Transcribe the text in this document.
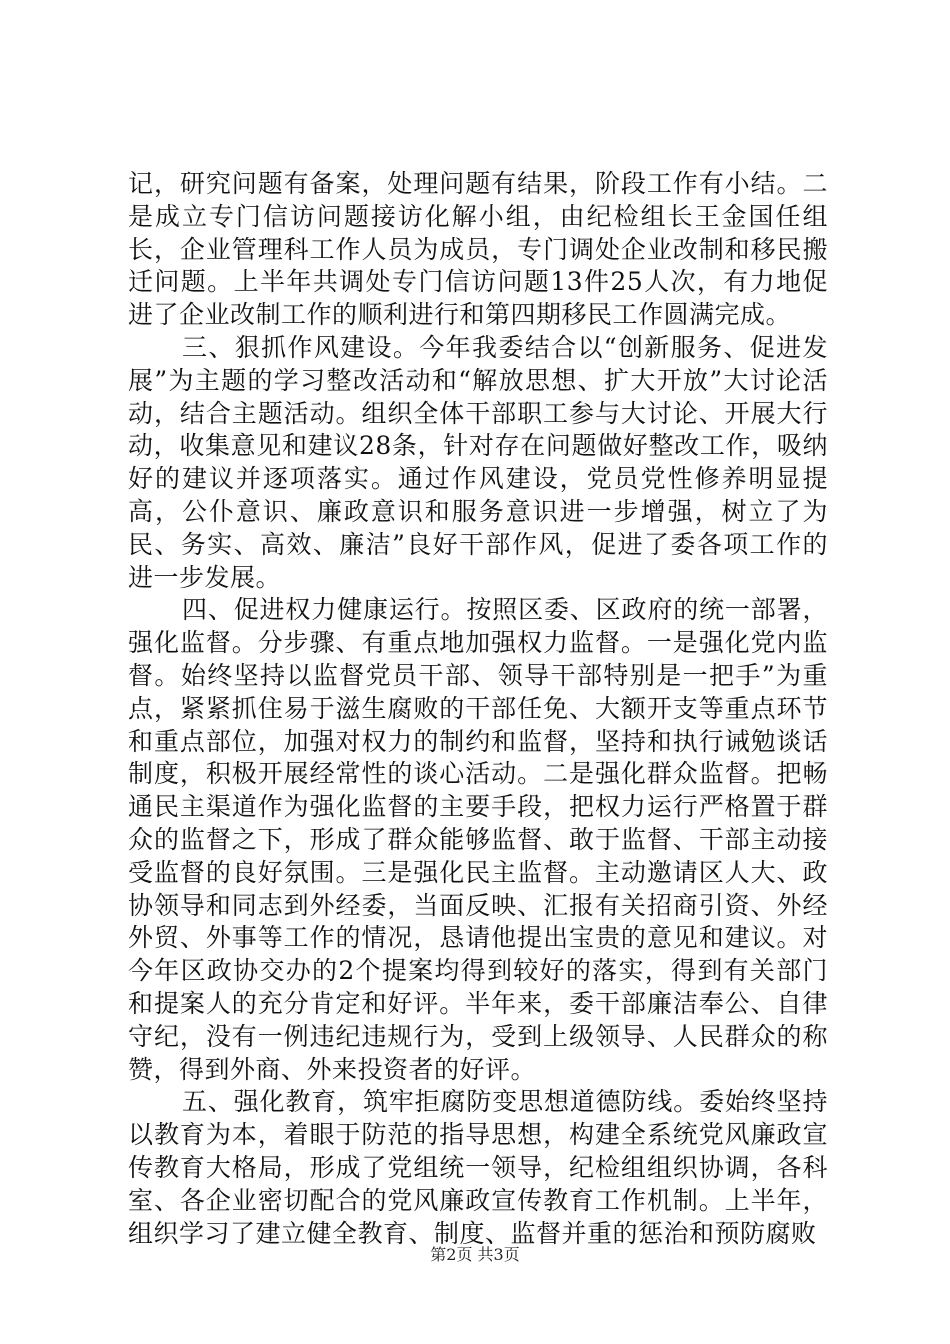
记，研究问题有备案，处理问题有结果，阶段工作有小结。二是成立专门信访问题接访化解小组，由纪检组长王金国任组长，企业管理科工作人员为成员，专门调处企业改制和移民搬迁问题。上半年共调处专门信访问题13件25人次，有力地促进了企业改制工作的顺利进行和第四期移民工作圆满完成。

三、狠抓作风建设。今年我委结合以“创新服务、促进发展”为主题的学习整改活动和“解放思想、扩大开放”大讨论活动，结合主题活动。组织全体干部职工参与大讨论、开展大行动，收集意见和建议28条，针对存在问题做好整改工作，吸纳好的建议并逐项落实。通过作风建设，党员党性修养明显提高，公仆意识、廉政意识和服务意识进一步增强，树立了为民、务实、高效、廉洁”良好干部作风，促进了委各项工作的进一步发展。

四、促进权力健康运行。按照区委、区政府的统一部署，强化监督。分步骤、有重点地加强权力监督。一是强化党内监督。始终坚持以监督党员干部、领导干部特别是一把手”为重点，紧紧抓住易于滋生腐败的干部任免、大额开支等重点环节和重点部位，加强对权力的制约和监督，坚持和执行诫勉谈话制度，积极开展经常性的谈心活动。二是强化群众监督。把畅通民主渠道作为强化监督的主要手段，把权力运行严格置于群众的监督之下，形成了群众能够监督、敢于监督、干部主动接受监督的良好氛围。三是强化民主监督。主动邀请区人大、政协领导和同志到外经委，当面反映、汇报有关招商引资、外经外贸、外事等工作的情况，恳请他提出宝贵的意见和建议。对今年区政协交办的2个提案均得到较好的落实，得到有关部门和提案人的充分肯定和好评。半年来，委干部廉洁奉公、自律守纪，没有一例违纪违规行为，受到上级领导、人民群众的称赞，得到外商、外来投资者的好评。

五、强化教育，筑牢拒腐防变思想道德防线。委始终坚持以教育为本，着眼于防范的指导思想，构建全系统党风廉政宣传教育大格局，形成了党组统一领导，纪检组组织协调，各科室、各企业密切配合的党风廉政宣传教育工作机制。上半年，组织学习了建立健全教育、制度、监督并重的惩治和预防腐败

第2页 共3页
